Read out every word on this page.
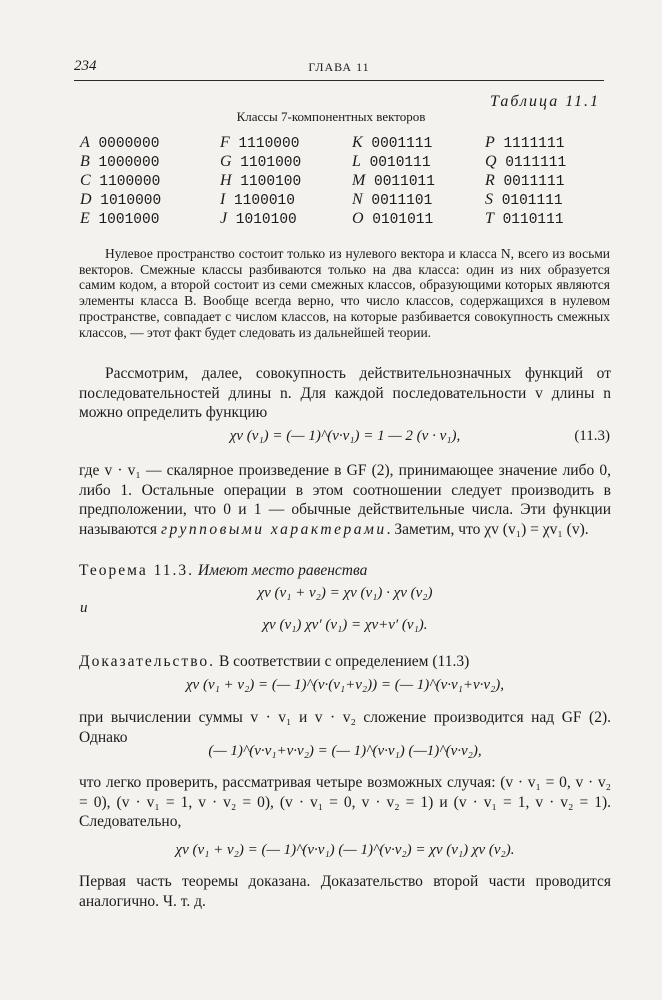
234	ГЛАВА 11
Таблица 11.1
Классы 7-компонентных векторов
A 0000000	F 1110000	K 0001111	P 1111111
B 1000000	G 1101000	L 0010111	Q 0111111
C 1100000	H 1100100	M 0011011	R 0011111
D 1010000	I 1100010	N 0011101	S 0101111
E 1001000	J 1010100	O 0101011	T 0110111

Нулевое пространство состоит только из нулевого вектора и класса N, всего из восьми векторов. Смежные классы разбиваются только на два класса: один из них образуется самим кодом, а второй состоит из семи смежных классов, образующими которых являются элементы класса B. Вообще всегда верно, что число классов, содержащихся в нулевом пространстве, совпадает с числом классов, на которые разбивается совокупность смежных классов, — этот факт будет следовать из дальнейшей теории.

Рассмотрим, далее, совокупность действительнозначных функций от последовательностей длины n. Для каждой последовательности v длины n можно определить функцию

χv (v₁) = (— 1)^(v·v₁) = 1 — 2 (v · v₁),	(11.3)

где v · v₁ — скалярное произведение в GF (2), принимающее значение либо 0, либо 1. Остальные операции в этом соотношении следует производить в предположении, что 0 и 1 — обычные действительные числа. Эти функции называются групповыми характерами. Заметим, что χv (v₁) = χv₁ (v).

Теорема 11.3. Имеют место равенства

χv (v₁ + v₂) = χv (v₁) · χv (v₂)
и
χv (v₁) χv′ (v₁) = χv+v′ (v₁).

Доказательство. В соответствии с определением (11.3)

χv (v₁ + v₂) = (— 1)^(v·(v₁+v₂)) = (— 1)^(v·v₁+v·v₂),

при вычислении суммы v · v₁ и v · v₂ сложение производится над GF (2). Однако

(— 1)^(v·v₁+v·v₂) = (— 1)^(v·v₁) (—1)^(v·v₂),

что легко проверить, рассматривая четыре возможных случая: (v · v₁ = 0, v · v₂ = 0), (v · v₁ = 1, v · v₂ = 0), (v · v₁ = 0, v · v₂ = 1) и (v · v₁ = 1, v · v₂ = 1). Следовательно,

χv (v₁ + v₂) = (— 1)^(v·v₁) (— 1)^(v·v₂) = χv (v₁) χv (v₂).

Первая часть теоремы доказана. Доказательство второй части проводится аналогично. Ч. т. д.
